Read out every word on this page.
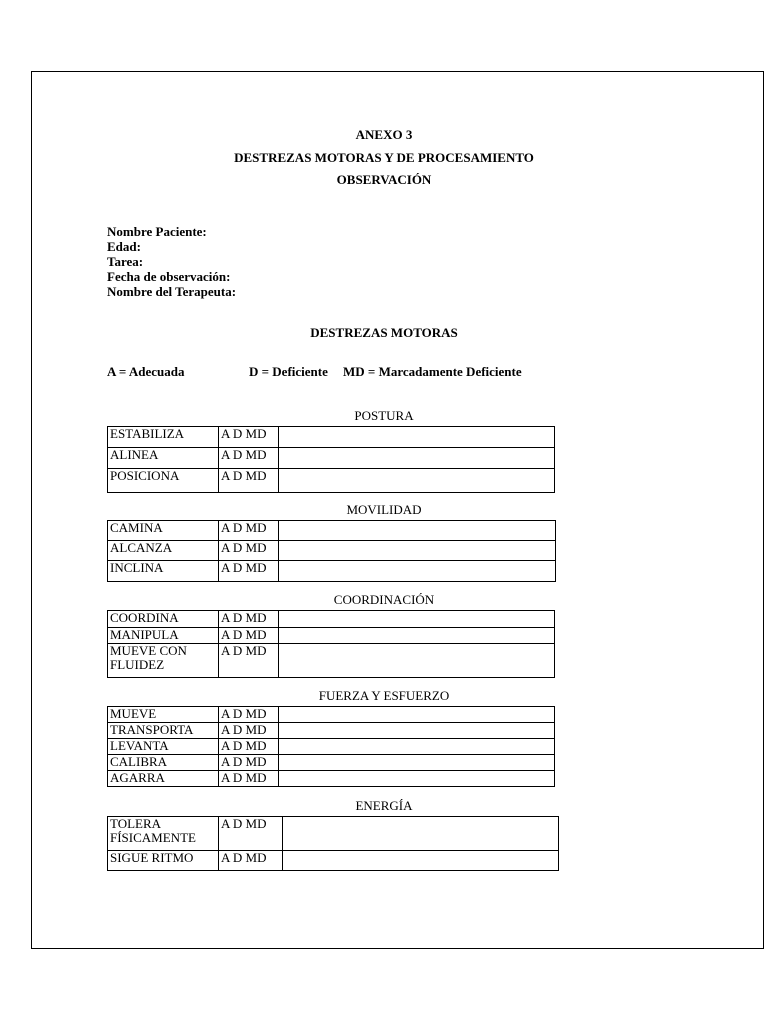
ANEXO 3
DESTREZAS MOTORAS Y DE PROCESAMIENTO
OBSERVACIÓN
Nombre Paciente:
Edad:
Tarea:
Fecha de observación:
Nombre del Terapeuta:
DESTREZAS MOTORAS
A = Adecuada	D = Deficiente MD = Marcadamente Deficiente
POSTURA
ESTABILIZA	A D MD	
ALINEA	A D MD	
POSICIONA	A D MD	
MOVILIDAD
CAMINA	A D MD	
ALCANZA	A D MD	
INCLINA	A D MD	
COORDINACIÓN
COORDINA	A D MD	
MANIPULA	A D MD	
MUEVE CON FLUIDEZ	A D MD	
FUERZA Y ESFUERZO
MUEVE	A D MD	
TRANSPORTA	A D MD	
LEVANTA	A D MD	
CALIBRA	A D MD	
AGARRA	A D MD	
ENERGÍA
TOLERA FÍSICAMENTE	A D MD	
SIGUE RITMO	A D MD	
